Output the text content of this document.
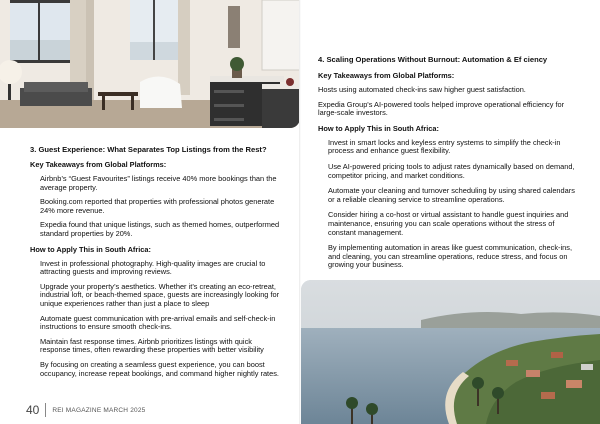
3. Guest Experience: What Separates Top Listings from the Rest?
Key Takeaways from Global Platforms:
Airbnb’s “Guest Favourites” listings receive 40% more bookings than the average property.
Booking.com reported that properties with professional photos generate 24% more revenue.
Expedia found that unique listings, such as themed homes, outperformed standard properties by 20%.
How to Apply This in South Africa:
Invest in professional photography. High-quality images are crucial to attracting guests and improving reviews.
Upgrade your property’s aesthetics. Whether it’s creating an eco-retreat, industrial loft, or beach-themed space, guests are increasingly looking for unique experiences rather than just a place to sleep
Automate guest communication with pre-arrival emails and self-check-in instructions to ensure smooth check-ins.
Maintain fast response times. Airbnb prioritizes listings with quick response times, often rewarding these properties with better visibility
By focusing on creating a seamless guest experience, you can boost occupancy, increase repeat bookings, and command higher nightly rates.
40 REI MAGAZINE MARCH 2025
4. Scaling Operations Without Burnout: Automation & Ef ciency
Key Takeaways from Global Platforms:
Hosts using automated check-ins saw higher guest satisfaction.
Expedia Group's AI-powered tools helped improve operational efficiency for large-scale investors.
How to Apply This in South Africa:
Invest in smart locks and keyless entry systems to simplify the check-in process and enhance guest flexibility.
Use AI-powered pricing tools to adjust rates dynamically based on demand, competitor pricing, and market conditions.
Automate your cleaning and turnover scheduling by using shared calendars or a reliable cleaning service to streamline operations.
Consider hiring a co-host or virtual assistant to handle guest inquiries and maintenance, ensuring you can scale operations without the stress of constant management.
By implementing automation in areas like guest communication, check-ins, and cleaning, you can streamline operations, reduce stress, and focus on growing your business.
